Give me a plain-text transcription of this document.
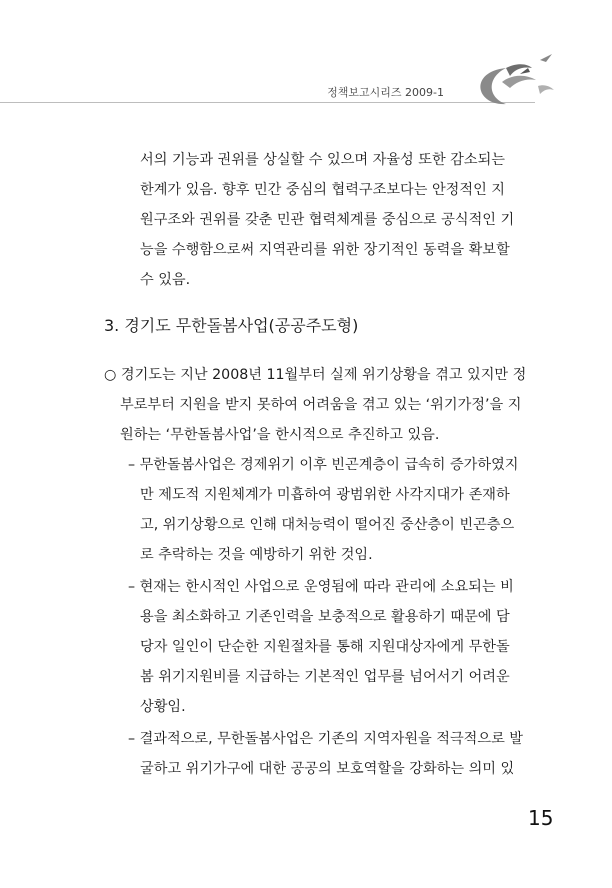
정책보고시리즈 2009-1
서의 기능과 권위를 상실할 수 있으며 자율성 또한 감소되는
한계가 있음. 향후 민간 중심의 협력구조보다는 안정적인 지
원구조와 권위를 갖춘 민관 협력체계를 중심으로 공식적인 기
능을 수행함으로써 지역관리를 위한 장기적인 동력을 확보할
수 있음.
3. 경기도 무한돌봄사업(공공주도형)
○ 경기도는 지난 2008년 11월부터 실제 위기상황을 겪고 있지만 정
부로부터 지원을 받지 못하여 어려움을 겪고 있는 ‘위기가정’을 지
원하는 ‘무한돌봄사업’을 한시적으로 추진하고 있음.
– 무한돌봄사업은 경제위기 이후 빈곤계층이 급속히 증가하였지
만 제도적 지원체계가 미흡하여 광범위한 사각지대가 존재하
고, 위기상황으로 인해 대처능력이 떨어진 중산층이 빈곤층으
로 추락하는 것을 예방하기 위한 것임.
– 현재는 한시적인 사업으로 운영됨에 따라 관리에 소요되는 비
용을 최소화하고 기존인력을 보충적으로 활용하기 때문에 담
당자 일인이 단순한 지원절차를 통해 지원대상자에게 무한돌
봄 위기지원비를 지급하는 기본적인 업무를 넘어서기 어려운
상황임.
– 결과적으로, 무한돌봄사업은 기존의 지역자원을 적극적으로 발
굴하고 위기가구에 대한 공공의 보호역할을 강화하는 의미 있
15
